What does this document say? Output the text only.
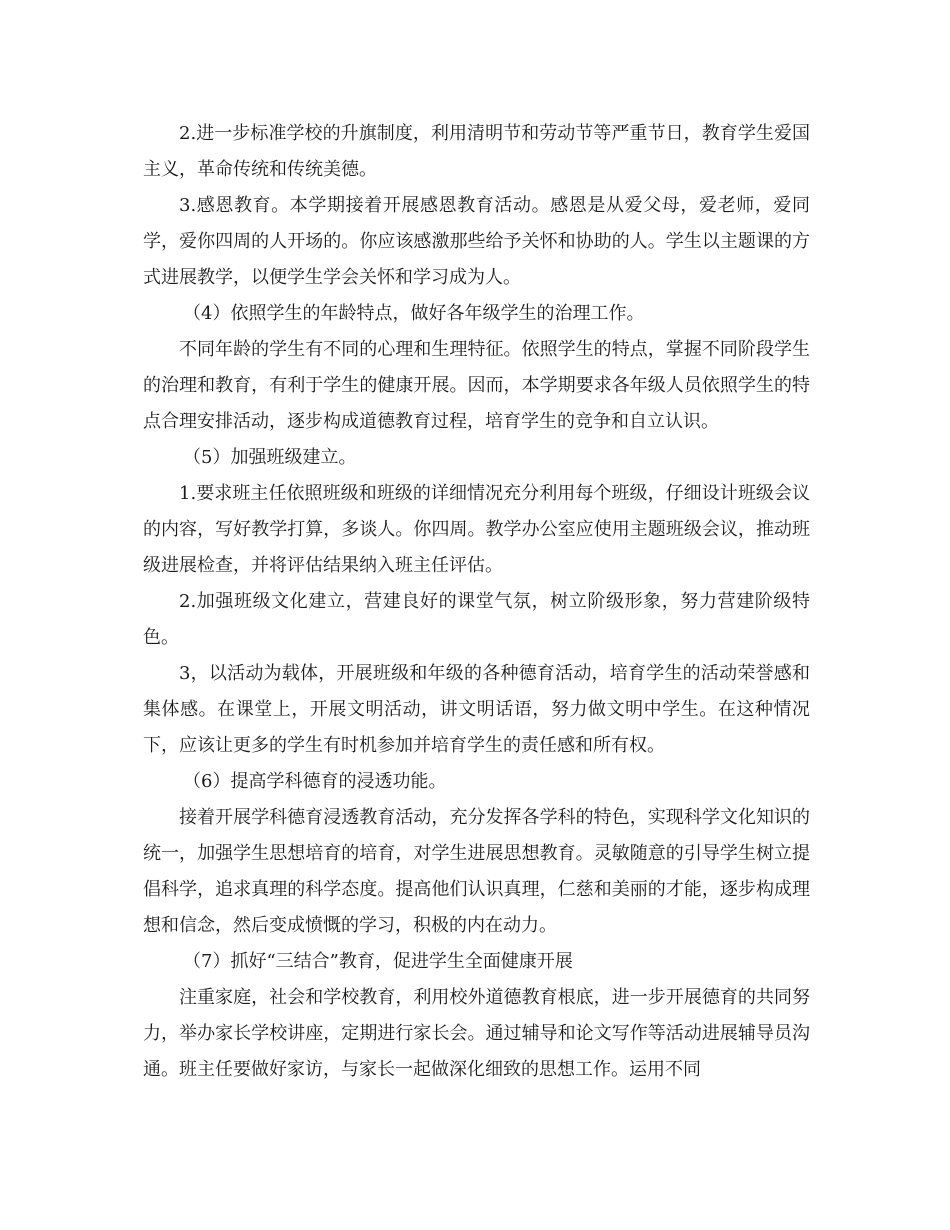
2.进一步标准学校的升旗制度，利用清明节和劳动节等严重节日，教育学生爱国主义，革命传统和传统美德。

3.感恩教育。本学期接着开展感恩教育活动。感恩是从爱父母，爱老师，爱同学，爱你四周的人开场的。你应该感激那些给予关怀和协助的人。学生以主题课的方式进展教学，以便学生学会关怀和学习成为人。

（4）依照学生的年龄特点，做好各年级学生的治理工作。

不同年龄的学生有不同的心理和生理特征。依照学生的特点，掌握不同阶段学生的治理和教育，有利于学生的健康开展。因而，本学期要求各年级人员依照学生的特点合理安排活动，逐步构成道德教育过程，培育学生的竞争和自立认识。

（5）加强班级建立。

1.要求班主任依照班级和班级的详细情况充分利用每个班级，仔细设计班级会议的内容，写好教学打算，多谈人。你四周。教学办公室应使用主题班级会议，推动班级进展检查，并将评估结果纳入班主任评估。

2.加强班级文化建立，营建良好的课堂气氛，树立阶级形象，努力营建阶级特色。

3，以活动为载体，开展班级和年级的各种德育活动，培育学生的活动荣誉感和集体感。在课堂上，开展文明活动，讲文明话语，努力做文明中学生。在这种情况下，应该让更多的学生有时机参加并培育学生的责任感和所有权。

（6）提高学科德育的浸透功能。

接着开展学科德育浸透教育活动，充分发挥各学科的特色，实现科学文化知识的统一，加强学生思想培育的培育，对学生进展思想教育。灵敏随意的引导学生树立提倡科学，追求真理的科学态度。提高他们认识真理，仁慈和美丽的才能，逐步构成理想和信念，然后变成愤慨的学习，积极的内在动力。

（7）抓好“三结合”教育，促进学生全面健康开展

注重家庭，社会和学校教育，利用校外道德教育根底，进一步开展德育的共同努力，举办家长学校讲座，定期进行家长会。通过辅导和论文写作等活动进展辅导员沟通。班主任要做好家访，与家长一起做深化细致的思想工作。运用不同
